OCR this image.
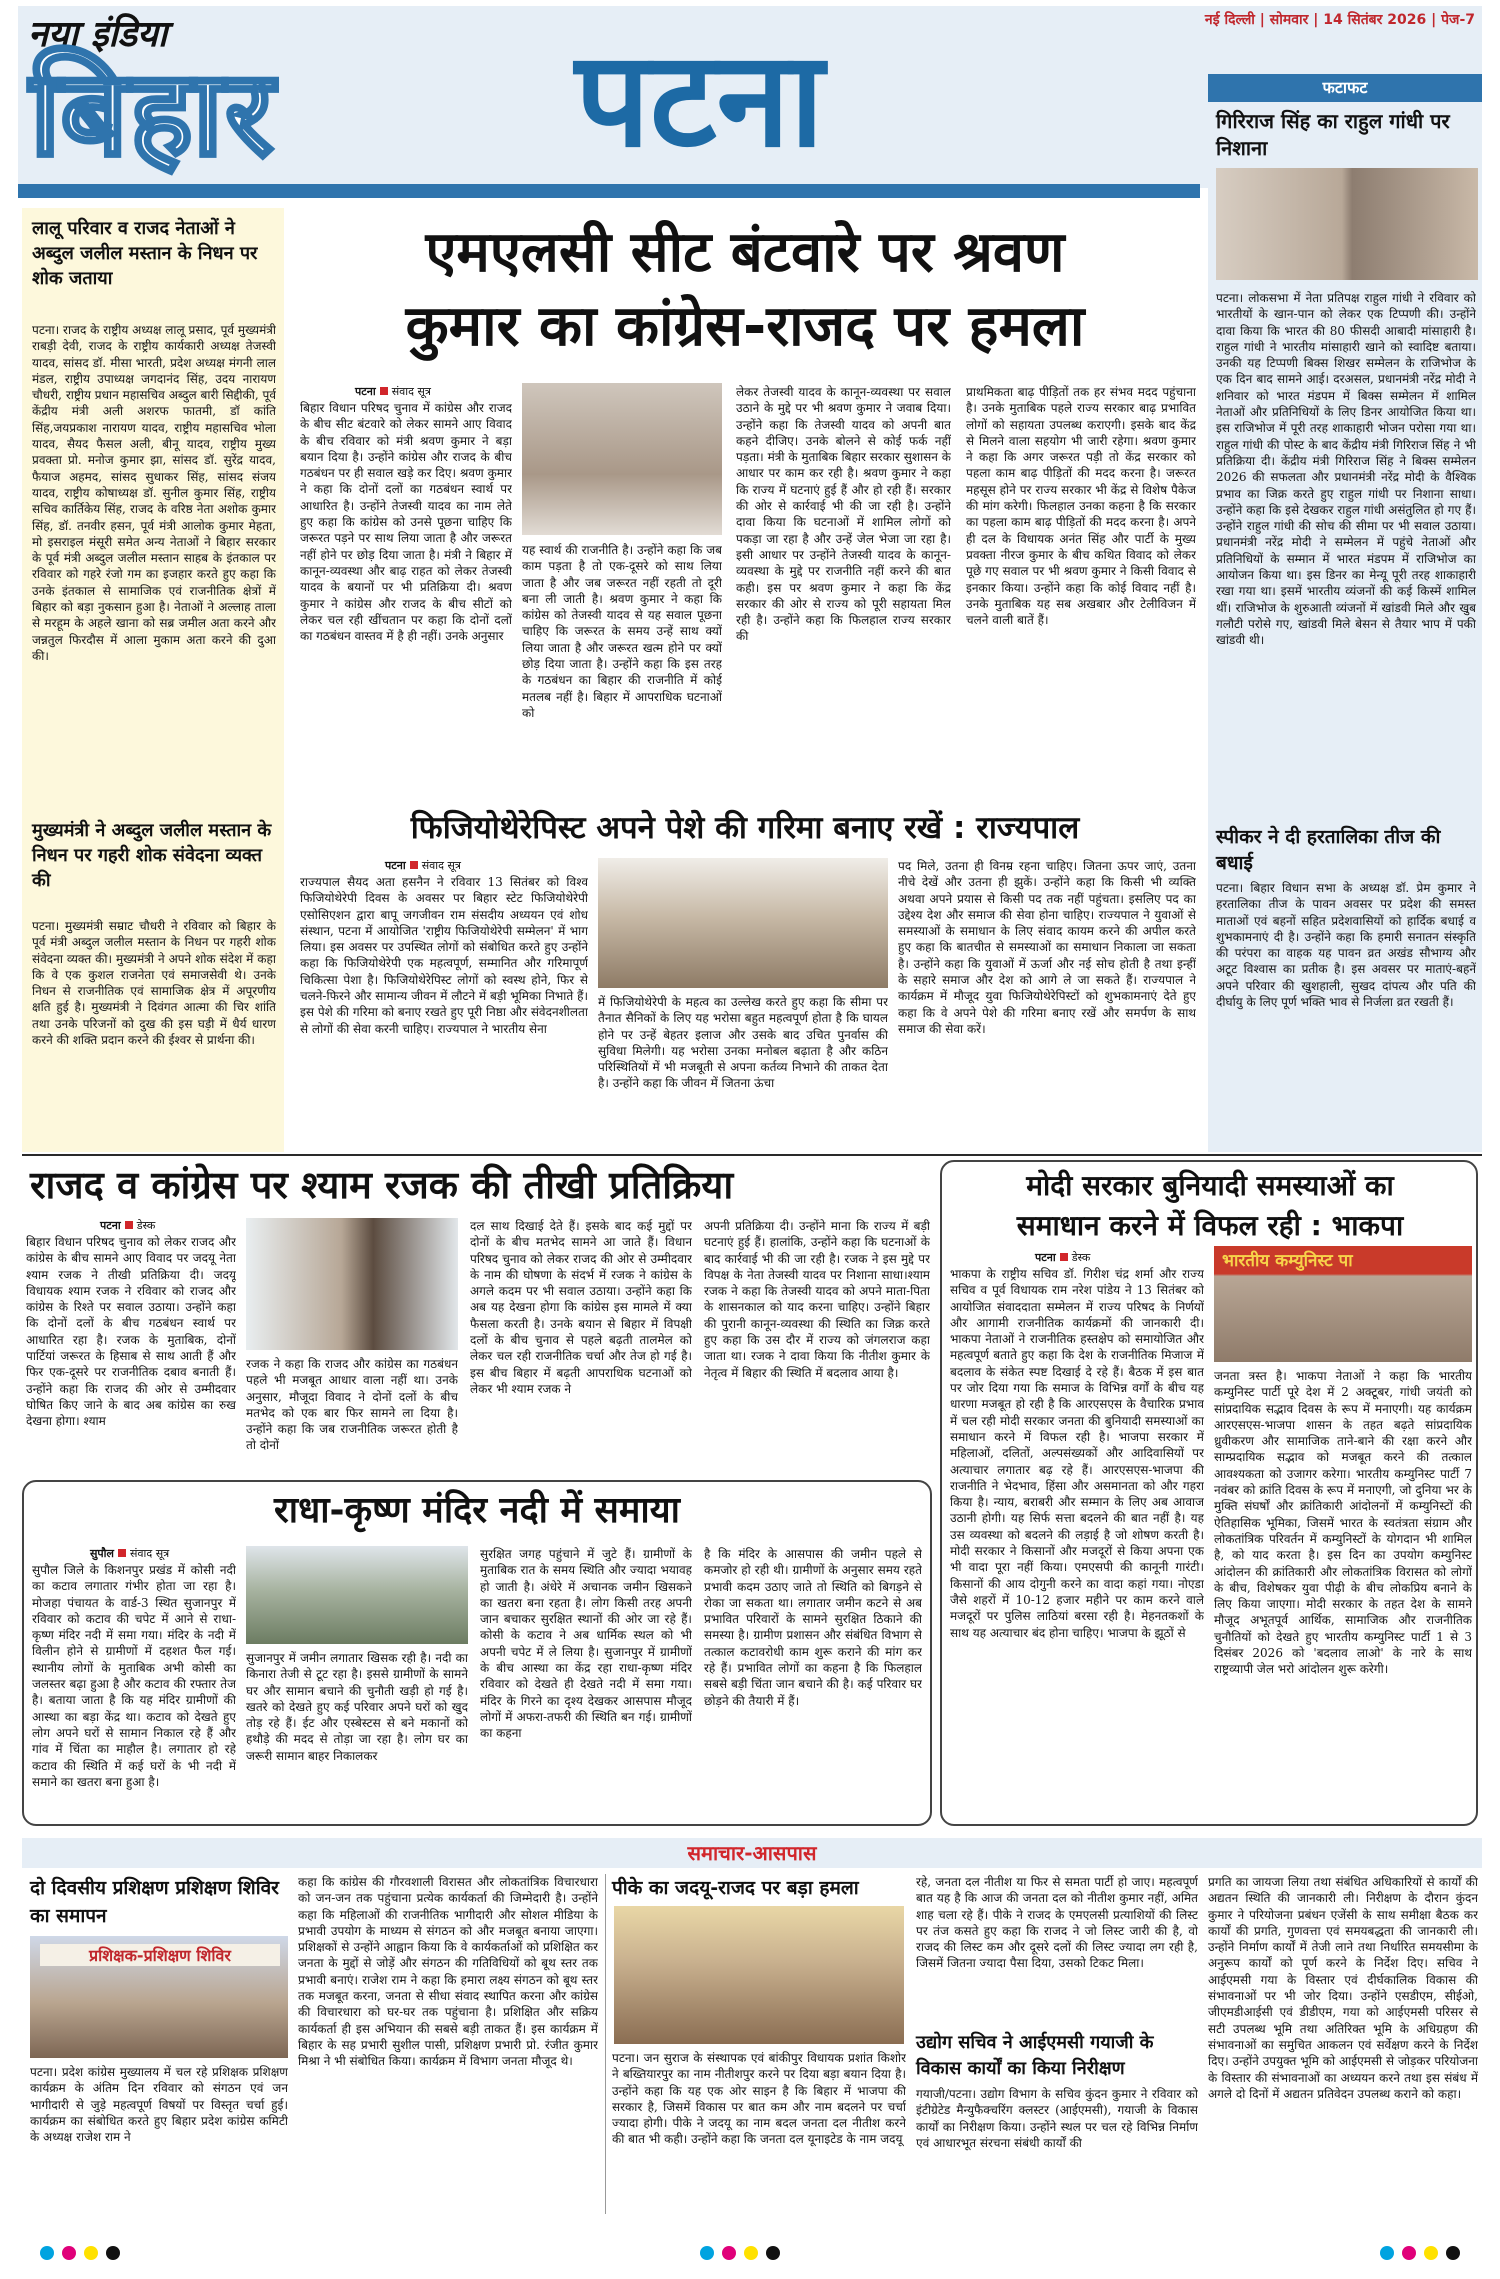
नया इंडिया
बिहार पटना
नई दिल्ली | सोमवार | 14 सितंबर 2026 | पेज-7
फटाफट
गिरिराज सिंह का राहुल गांधी पर निशाना
पटना। लोकसभा में नेता प्रतिपक्ष राहुल गांधी ने रविवार को भारतीयों के खान-पान को लेकर एक टिप्पणी की। उन्होंने दावा किया कि भारत की 80 फीसदी आबादी मांसाहारी है। राहुल गांधी ने भारतीय मांसाहारी खाने को स्वादिष्ट बताया। उनकी यह टिप्पणी बिक्स शिखर सम्मेलन के राजिभोज के एक दिन बाद सामने आई। दरअसल, प्रधानमंत्री नरेंद्र मोदी ने शनिवार को भारत मंडपम में बिक्स सम्मेलन में शामिल नेताओं और प्रतिनिधियों के लिए डिनर आयोजित किया था। इस राजिभोज में पूरी तरह शाकाहारी भोजन परोसा गया था। राहुल गांधी की पोस्ट के बाद केंद्रीय मंत्री गिरिराज सिंह ने भी प्रतिक्रिया दी। केंद्रीय मंत्री गिरिराज सिंह ने बिक्स सम्मेलन 2026 की सफलता और प्रधानमंत्री नरेंद्र मोदी के वैश्विक प्रभाव का जिक्र करते हुए राहुल गांधी पर निशाना साधा। उन्होंने कहा कि इसे देखकर राहुल गांधी असंतुलित हो गए हैं। उन्होंने राहुल गांधी की सोच की सीमा पर भी सवाल उठाया। प्रधानमंत्री नरेंद्र मोदी ने सम्मेलन में पहुंचे नेताओं और प्रतिनिधियों के सम्मान में भारत मंडपम में राजिभोज का आयोजन किया था। इस डिनर का मेन्यू पूरी तरह शाकाहारी रखा गया था। इसमें भारतीय व्यंजनों की कई किस्में शामिल थीं। राजिभोज के शुरुआती व्यंजनों में खांडवी मिले और खुब गलौटी परोसे गए, खांडवी मिले बेसन से तैयार भाप में पकी खांडवी थी।
स्पीकर ने दी हरतालिका तीज की बधाई
पटना। बिहार विधान सभा के अध्यक्ष डॉ. प्रेम कुमार ने हरतालिका तीज के पावन अवसर पर प्रदेश की समस्त माताओं एवं बहनों सहित प्रदेशवासियों को हार्दिक बधाई व शुभकामनाएं दी है। उन्होंने कहा कि हमारी सनातन संस्कृति की परंपरा का वाहक यह पावन व्रत अखंड सौभाग्य और अटूट विश्वास का प्रतीक है। इस अवसर पर माताएं-बहनें अपने परिवार की खुशहाली, सुखद दांपत्य और पति की दीर्घायु के लिए पूर्ण भक्ति भाव से निर्जला व्रत रखती हैं।
लालू परिवार व राजद नेताओं ने अब्दुल जलील मस्तान के निधन पर शोक जताया
पटना। राजद के राष्ट्रीय अध्यक्ष लालू प्रसाद, पूर्व मुख्यमंत्री राबड़ी देवी, राजद के राष्ट्रीय कार्यकारी अध्यक्ष तेजस्वी यादव, सांसद डॉ. मीसा भारती, प्रदेश अध्यक्ष मंगनी लाल मंडल, राष्ट्रीय उपाध्यक्ष जगदानंद सिंह, उदय नारायण चौधरी, राष्ट्रीय प्रधान महासचिव अब्दुल बारी सिद्दीकी, पूर्व केंद्रीय मंत्री अली अशरफ फातमी, डॉ कांति सिंह,जयप्रकाश नारायण यादव, राष्ट्रीय महासचिव भोला यादव, सैयद फैसल अली, बीनू यादव, राष्ट्रीय मुख्य प्रवक्ता प्रो. मनोज कुमार झा, सांसद डॉ. सुरेंद्र यादव, फैयाज अहमद, सांसद सुधाकर सिंह, सांसद संजय यादव, राष्ट्रीय कोषाध्यक्ष डॉ. सुनील कुमार सिंह, राष्ट्रीय सचिव कार्तिकेय सिंह, राजद के वरिष्ठ नेता अशोक कुमार सिंह, डॉ. तनवीर हसन, पूर्व मंत्री आलोक कुमार मेहता, मो इसराइल मंसूरी समेत अन्य नेताओं ने बिहार सरकार के पूर्व मंत्री अब्दुल जलील मस्तान साहब के इंतकाल पर रविवार को गहरे रंजो गम का इजहार करते हुए कहा कि उनके इंतकाल से सामाजिक एवं राजनीतिक क्षेत्रों में बिहार को बड़ा नुकसान हुआ है। नेताओं ने अल्लाह ताला से मरहूम के अहले खाना को सब्र जमील अता करने और जन्नतुल फिरदौस में आला मुकाम अता करने की दुआ की।
मुख्यमंत्री ने अब्दुल जलील मस्तान के निधन पर गहरी शोक संवेदना व्यक्त की
पटना। मुख्यमंत्री सम्राट चौधरी ने रविवार को बिहार के पूर्व मंत्री अब्दुल जलील मस्तान के निधन पर गहरी शोक संवेदना व्यक्त की। मुख्यमंत्री ने अपने शोक संदेश में कहा कि वे एक कुशल राजनेता एवं समाजसेवी थे। उनके निधन से राजनीतिक एवं सामाजिक क्षेत्र में अपूरणीय क्षति हुई है। मुख्यमंत्री ने दिवंगत आत्मा की चिर शांति तथा उनके परिजनों को दुख की इस घड़ी में धैर्य धारण करने की शक्ति प्रदान करने की ईश्वर से प्रार्थना की।
एमएलसी सीट बंटवारे पर श्रवण
कुमार का कांग्रेस-राजद पर हमला
पटना संवाद सूत्र
बिहार विधान परिषद चुनाव में कांग्रेस और राजद के बीच सीट बंटवारे को लेकर सामने आए विवाद के बीच रविवार को मंत्री श्रवण कुमार ने बड़ा बयान दिया है। उन्होंने कांग्रेस और राजद के बीच गठबंधन पर ही सवाल खड़े कर दिए। श्रवण कुमार ने कहा कि दोनों दलों का गठबंधन स्वार्थ पर आधारित है। उन्होंने तेजस्वी यादव का नाम लेते हुए कहा कि कांग्रेस को उनसे पूछना चाहिए कि जरूरत पड़ने पर साथ लिया जाता है और जरूरत नहीं होने पर छोड़ दिया जाता है। मंत्री ने बिहार में कानून-व्यवस्था और बाढ़ राहत को लेकर तेजस्वी यादव के बयानों पर भी प्रतिक्रिया दी। श्रवण कुमार ने कांग्रेस और राजद के बीच सीटों को लेकर चल रही खींचतान पर कहा कि दोनों दलों का गठबंधन वास्तव में है ही नहीं। उनके अनुसार
यह स्वार्थ की राजनीति है। उन्होंने कहा कि जब काम पड़ता है तो एक-दूसरे को साथ लिया जाता है और जब जरूरत नहीं रहती तो दूरी बना ली जाती है। श्रवण कुमार ने कहा कि कांग्रेस को तेजस्वी यादव से यह सवाल पूछना चाहिए कि जरूरत के समय उन्हें साथ क्यों लिया जाता है और जरूरत खत्म होने पर क्यों छोड़ दिया जाता है। उन्होंने कहा कि इस तरह के गठबंधन का बिहार की राजनीति में कोई मतलब नहीं है। बिहार में आपराधिक घटनाओं को
लेकर तेजस्वी यादव के कानून-व्यवस्था पर सवाल उठाने के मुद्दे पर भी श्रवण कुमार ने जवाब दिया। उन्होंने कहा कि तेजस्वी यादव को अपनी बात कहने दीजिए। उनके बोलने से कोई फर्क नहीं पड़ता। मंत्री के मुताबिक बिहार सरकार सुशासन के आधार पर काम कर रही है। श्रवण कुमार ने कहा कि राज्य में घटनाएं हुई हैं और हो रही हैं। सरकार की ओर से कार्रवाई भी की जा रही है। उन्होंने दावा किया कि घटनाओं में शामिल लोगों को पकड़ा जा रहा है और उन्हें जेल भेजा जा रहा है। इसी आधार पर उन्होंने तेजस्वी यादव के कानून-व्यवस्था के मुद्दे पर राजनीति नहीं करने की बात कही। इस पर श्रवण कुमार ने कहा कि केंद्र सरकार की ओर से राज्य को पूरी सहायता मिल रही है। उन्होंने कहा कि फिलहाल राज्य सरकार की
प्राथमिकता बाढ़ पीड़ितों तक हर संभव मदद पहुंचाना है। उनके मुताबिक पहले राज्य सरकार बाढ़ प्रभावित लोगों को सहायता उपलब्ध कराएगी। इसके बाद केंद्र से मिलने वाला सहयोग भी जारी रहेगा। श्रवण कुमार ने कहा कि अगर जरूरत पड़ी तो केंद्र सरकार को पहला काम बाढ़ पीड़ितों की मदद करना है। जरूरत महसूस होने पर राज्य सरकार भी केंद्र से विशेष पैकेज की मांग करेगी। फिलहाल उनका कहना है कि सरकार का पहला काम बाढ़ पीड़ितों की मदद करना है। अपने ही दल के विधायक अनंत सिंह और पार्टी के मुख्य प्रवक्ता नीरज कुमार के बीच कथित विवाद को लेकर पूछे गए सवाल पर भी श्रवण कुमार ने किसी विवाद से इनकार किया। उन्होंने कहा कि कोई विवाद नहीं है। उनके मुताबिक यह सब अखबार और टेलीविजन में चलने वाली बातें हैं।
फिजियोथेरेपिस्ट अपने पेशे की गरिमा बनाए रखें : राज्यपाल
पटना संवाद सूत्र
राज्यपाल सैयद अता हसनैन ने रविवार 13 सितंबर को विश्व फिजियोथेरेपी दिवस के अवसर पर बिहार स्टेट फिजियोथेरेपी एसोसिएशन द्वारा बापू जगजीवन राम संसदीय अध्ययन एवं शोध संस्थान, पटना में आयोजित 'राष्ट्रीय फिजियोथेरेपी सम्मेलन' में भाग लिया। इस अवसर पर उपस्थित लोगों को संबोधित करते हुए उन्होंने कहा कि फिजियोथेरेपी एक महत्वपूर्ण, सम्मानित और गरिमापूर्ण चिकित्सा पेशा है। फिजियोथेरेपिस्ट लोगों को स्वस्थ होने, फिर से चलने-फिरने और सामान्य जीवन में लौटने में बड़ी भूमिका निभाते हैं। इस पेशे की गरिमा को बनाए रखते हुए पूरी निष्ठा और संवेदनशीलता से लोगों की सेवा करनी चाहिए। राज्यपाल ने भारतीय सेना
में फिजियोथेरेपी के महत्व का उल्लेख करते हुए कहा कि सीमा पर तैनात सैनिकों के लिए यह भरोसा बहुत महत्वपूर्ण होता है कि घायल होने पर उन्हें बेहतर इलाज और उसके बाद उचित पुनर्वास की सुविधा मिलेगी। यह भरोसा उनका मनोबल बढ़ाता है और कठिन परिस्थितियों में भी मजबूती से अपना कर्तव्य निभाने की ताकत देता है। उन्होंने कहा कि जीवन में जितना ऊंचा
पद मिले, उतना ही विनम्र रहना चाहिए। जितना ऊपर जाएं, उतना नीचे देखें और उतना ही झुकें। उन्होंने कहा कि किसी भी व्यक्ति अथवा अपने प्रयास से किसी पद तक नहीं पहुंचता। इसलिए पद का उद्देश्य देश और समाज की सेवा होना चाहिए। राज्यपाल ने युवाओं से समस्याओं के समाधान के लिए संवाद कायम करने की अपील करते हुए कहा कि बातचीत से समस्याओं का समाधान निकाला जा सकता है। उन्होंने कहा कि युवाओं में ऊर्जा और नई सोच होती है तथा इन्हीं के सहारे समाज और देश को आगे ले जा सकते हैं। राज्यपाल ने कार्यक्रम में मौजूद युवा फिजियोथेरेपिस्टों को शुभकामनाएं देते हुए कहा कि वे अपने पेशे की गरिमा बनाए रखें और समर्पण के साथ समाज की सेवा करें।
राजद व कांग्रेस पर श्याम रजक की तीखी प्रतिक्रिया
पटना डेस्क
बिहार विधान परिषद चुनाव को लेकर राजद और कांग्रेस के बीच सामने आए विवाद पर जदयू नेता श्याम रजक ने तीखी प्रतिक्रिया दी। जदयू विधायक श्याम रजक ने रविवार को राजद और कांग्रेस के रिश्ते पर सवाल उठाया। उन्होंने कहा कि दोनों दलों के बीच गठबंधन स्वार्थ पर आधारित रहा है। रजक के मुताबिक, दोनों पार्टियां जरूरत के हिसाब से साथ आती हैं और फिर एक-दूसरे पर राजनीतिक दबाव बनाती हैं। उन्होंने कहा कि राजद की ओर से उम्मीदवार घोषित किए जाने के बाद अब कांग्रेस का रुख देखना होगा। श्याम
रजक ने कहा कि राजद और कांग्रेस का गठबंधन पहले भी मजबूत आधार वाला नहीं था। उनके अनुसार, मौजूदा विवाद ने दोनों दलों के बीच मतभेद को एक बार फिर सामने ला दिया है। उन्होंने कहा कि जब राजनीतिक जरूरत होती है तो दोनों
दल साथ दिखाई देते हैं। इसके बाद कई मुद्दों पर दोनों के बीच मतभेद सामने आ जाते हैं। विधान परिषद चुनाव को लेकर राजद की ओर से उम्मीदवार के नाम की घोषणा के संदर्भ में रजक ने कांग्रेस के अगले कदम पर भी सवाल उठाया। उन्होंने कहा कि अब यह देखना होगा कि कांग्रेस इस मामले में क्या फैसला करती है। उनके बयान से बिहार में विपक्षी दलों के बीच चुनाव से पहले बढ़ती तालमेल को लेकर चल रही राजनीतिक चर्चा और तेज हो गई है। इस बीच बिहार में बढ़ती आपराधिक घटनाओं को लेकर भी श्याम रजक ने
अपनी प्रतिक्रिया दी। उन्होंने माना कि राज्य में बड़ी घटनाएं हुई हैं। हालांकि, उन्होंने कहा कि घटनाओं के बाद कार्रवाई भी की जा रही है। रजक ने इस मुद्दे पर विपक्ष के नेता तेजस्वी यादव पर निशाना साधा।श्याम रजक ने कहा कि तेजस्वी यादव को अपने माता-पिता के शासनकाल को याद करना चाहिए। उन्होंने बिहार की पुरानी कानून-व्यवस्था की स्थिति का जिक्र करते हुए कहा कि उस दौर में राज्य को जंगलराज कहा जाता था। रजक ने दावा किया कि नीतीश कुमार के नेतृत्व में बिहार की स्थिति में बदलाव आया है।
मोदी सरकार बुनियादी समस्याओं का
समाधान करने में विफल रही : भाकपा
पटना डेस्क
भाकपा के राष्ट्रीय सचिव डॉ. गिरीश चंद्र शर्मा और राज्य सचिव व पूर्व विधायक राम नरेश पांडेय ने 13 सितंबर को आयोजित संवाददाता सम्मेलन में राज्य परिषद के निर्णयों और आगामी राजनीतिक कार्यक्रमों की जानकारी दी। भाकपा नेताओं ने राजनीतिक हस्तक्षेप को समायोजित और महत्वपूर्ण बताते हुए कहा कि देश के राजनीतिक मिजाज में बदलाव के संकेत स्पष्ट दिखाई दे रहे हैं। बैठक में इस बात पर जोर दिया गया कि समाज के विभिन्न वर्गों के बीच यह धारणा मजबूत हो रही है कि आरएसएस के वैचारिक प्रभाव में चल रही मोदी सरकार जनता की बुनियादी समस्याओं का समाधान करने में विफल रही है। भाजपा सरकार में महिलाओं, दलितों, अल्पसंख्यकों और आदिवासियों पर अत्याचार लगातार बढ़ रहे हैं। आरएसएस-भाजपा की राजनीति ने भेदभाव, हिंसा और असमानता को और गहरा किया है। न्याय, बराबरी और सम्मान के लिए अब आवाज उठानी होगी। यह सिर्फ सत्ता बदलने की बात नहीं है। यह उस व्यवस्था को बदलने की लड़ाई है जो शोषण करती है। मोदी सरकार ने किसानों और मजदूरों से किया अपना एक भी वादा पूरा नहीं किया। एमएसपी की कानूनी गारंटी। किसानों की आय दोगुनी करने का वादा कहां गया। नोएडा जैसे शहरों में 10-12 हजार महीने पर काम करने वाले मजदूरों पर पुलिस लाठियां बरसा रही है। मेहनतकशों के साथ यह अत्याचार बंद होना चाहिए। भाजपा के झूठों से
भारतीय कम्युनिस्ट पा
जनता त्रस्त है। भाकपा नेताओं ने कहा कि भारतीय कम्युनिस्ट पार्टी पूरे देश में 2 अक्टूबर, गांधी जयंती को सांप्रदायिक सद्भाव दिवस के रूप में मनाएगी। यह कार्यक्रम आरएसएस-भाजपा शासन के तहत बढ़ते सांप्रदायिक ध्रुवीकरण और सामाजिक ताने-बाने की रक्षा करने और साम्प्रदायिक सद्भाव को मजबूत करने की तत्काल आवश्यकता को उजागर करेगा। भारतीय कम्युनिस्ट पार्टी 7 नवंबर को क्रांति दिवस के रूप में मनाएगी, जो दुनिया भर के मुक्ति संघर्षों और क्रांतिकारी आंदोलनों में कम्युनिस्टों की ऐतिहासिक भूमिका, जिसमें भारत के स्वतंत्रता संग्राम और लोकतांत्रिक परिवर्तन में कम्युनिस्टों के योगदान भी शामिल है, को याद करता है। इस दिन का उपयोग कम्युनिस्ट आंदोलन की क्रांतिकारी और लोकतांत्रिक विरासत को लोगों के बीच, विशेषकर युवा पीढ़ी के बीच लोकप्रिय बनाने के लिए किया जाएगा। मोदी सरकार के तहत देश के सामने मौजूद अभूतपूर्व आर्थिक, सामाजिक और राजनीतिक चुनौतियों को देखते हुए भारतीय कम्युनिस्ट पार्टी 1 से 3 दिसंबर 2026 को 'बदलाव लाओ' के नारे के साथ राष्ट्रव्यापी जेल भरो आंदोलन शुरू करेगी।
राधा-कृष्ण मंदिर नदी में समाया
सुपौल संवाद सूत्र
सुपौल जिले के किशनपुर प्रखंड में कोसी नदी का कटाव लगातार गंभीर होता जा रहा है। मोजहा पंचायत के वार्ड-3 स्थित सुजानपुर में रविवार को कटाव की चपेट में आने से राधा-कृष्ण मंदिर नदी में समा गया। मंदिर के नदी में विलीन होने से ग्रामीणों में दहशत फैल गई। स्थानीय लोगों के मुताबिक अभी कोसी का जलस्तर बढ़ा हुआ है और कटाव की रफ्तार तेज है। बताया जाता है कि यह मंदिर ग्रामीणों की आस्था का बड़ा केंद्र था। कटाव को देखते हुए लोग अपने घरों से सामान निकाल रहे हैं और गांव में चिंता का माहौल है। लगातार हो रहे कटाव की स्थिति में कई घरों के भी नदी में समाने का खतरा बना हुआ है।
सुजानपुर में जमीन लगातार खिसक रही है। नदी का किनारा तेजी से टूट रहा है। इससे ग्रामीणों के सामने घर और सामान बचाने की चुनौती खड़ी हो गई है। खतरे को देखते हुए कई परिवार अपने घरों को खुद तोड़ रहे हैं। ईट और एस्बेस्टस से बने मकानों को हथौड़े की मदद से तोड़ा जा रहा है। लोग घर का जरूरी सामान बाहर निकालकर
सुरक्षित जगह पहुंचाने में जुटे हैं। ग्रामीणों के मुताबिक रात के समय स्थिति और ज्यादा भयावह हो जाती है। अंधेरे में अचानक जमीन खिसकने का खतरा बना रहता है। लोग किसी तरह अपनी जान बचाकर सुरक्षित स्थानों की ओर जा रहे हैं। कोसी के कटाव ने अब धार्मिक स्थल को भी अपनी चपेट में ले लिया है। सुजानपुर में ग्रामीणों के बीच आस्था का केंद्र रहा राधा-कृष्ण मंदिर रविवार को देखते ही देखते नदी में समा गया। मंदिर के गिरने का दृश्य देखकर आसपास मौजूद लोगों में अफरा-तफरी की स्थिति बन गई। ग्रामीणों का कहना
है कि मंदिर के आसपास की जमीन पहले से कमजोर हो रही थी। ग्रामीणों के अनुसार समय रहते प्रभावी कदम उठाए जाते तो स्थिति को बिगड़ने से रोका जा सकता था। लगातार जमीन कटने से अब प्रभावित परिवारों के सामने सुरक्षित ठिकाने की समस्या है। ग्रामीण प्रशासन और संबंधित विभाग से तत्काल कटावरोधी काम शुरू कराने की मांग कर रहे हैं। प्रभावित लोगों का कहना है कि फिलहाल सबसे बड़ी चिंता जान बचाने की है। कई परिवार घर छोड़ने की तैयारी में हैं।
समाचार-आसपास
दो दिवसीय प्रशिक्षण प्रशिक्षण शिविर का समापन
प्रशिक्षक-प्रशिक्षण शिविर
पटना। प्रदेश कांग्रेस मुख्यालय में चल रहे प्रशिक्षक प्रशिक्षण कार्यक्रम के अंतिम दिन रविवार को संगठन एवं जन भागीदारी से जुड़े महत्वपूर्ण विषयों पर विस्तृत चर्चा हुई। कार्यक्रम का संबोधित करते हुए बिहार प्रदेश कांग्रेस कमिटी के अध्यक्ष राजेश राम ने
कहा कि कांग्रेस की गौरवशाली विरासत और लोकतांत्रिक विचारधारा को जन-जन तक पहुंचाना प्रत्येक कार्यकर्ता की जिम्मेदारी है। उन्होंने कहा कि महिलाओं की राजनीतिक भागीदारी और सोशल मीडिया के प्रभावी उपयोग के माध्यम से संगठन को और मजबूत बनाया जाएगा। प्रशिक्षकों से उन्होंने आह्वान किया कि वे कार्यकर्ताओं को प्रशिक्षित कर जनता के मुद्दों से जोड़ें और संगठन की गतिविधियों को बूथ स्तर तक प्रभावी बनाएं। राजेश राम ने कहा कि हमारा लक्ष्य संगठन को बूथ स्तर तक मजबूत करना, जनता से सीधा संवाद स्थापित करना और कांग्रेस की विचारधारा को घर-घर तक पहुंचाना है। प्रशिक्षित और सक्रिय कार्यकर्ता ही इस अभियान की सबसे बड़ी ताकत हैं। इस कार्यक्रम में बिहार के सह प्रभारी सुशील पासी, प्रशिक्षण प्रभारी प्रो. रंजीत कुमार मिश्रा ने भी संबोधित किया। कार्यक्रम में विभाग जनता मौजूद थे।
पीके का जदयू-राजद पर बड़ा हमला
पटना। जन सुराज के संस्थापक एवं बांकीपुर विधायक प्रशांत किशोर ने बख्तियारपुर का नाम नीतीशपुर करने पर दिया बड़ा बयान दिया है। उन्होंने कहा कि यह एक ओर साइन है कि बिहार में भाजपा की सरकार है, जिसमें विकास पर बात कम और नाम बदलने पर चर्चा ज्यादा होगी। पीके ने जदयू का नाम बदल जनता दल नीतीश करने की बात भी कही। उन्होंने कहा कि जनता दल यूनाइटेड के नाम जदयू
रहे, जनता दल नीतीश या फिर से समता पार्टी हो जाए। महत्वपूर्ण बात यह है कि आज की जनता दल को नीतीश कुमार नहीं, अमित शाह चला रहे हैं। पीके ने राजद के एमएलसी प्रत्याशियों की लिस्ट पर तंज कसते हुए कहा कि राजद ने जो लिस्ट जारी की है, वो राजद की लिस्ट कम और दूसरे दलों की लिस्ट ज्यादा लग रही है, जिसमें जितना ज्यादा पैसा दिया, उसको टिकट मिला।
उद्योग सचिव ने आईएमसी गयाजी के विकास कार्यों का किया निरीक्षण
गयाजी/पटना। उद्योग विभाग के सचिव कुंदन कुमार ने रविवार को इंटीग्रेटेड मैन्युफैक्चरिंग क्लस्टर (आईएमसी), गयाजी के विकास कार्यों का निरीक्षण किया। उन्होंने स्थल पर चल रहे विभिन्न निर्माण एवं आधारभूत संरचना संबंधी कार्यों की
प्रगति का जायजा लिया तथा संबंधित अधिकारियों से कार्यों की अद्यतन स्थिति की जानकारी ली। निरीक्षण के दौरान कुंदन कुमार ने परियोजना प्रबंधन एजेंसी के साथ समीक्षा बैठक कर कार्यों की प्रगति, गुणवत्ता एवं समयबद्धता की जानकारी ली। उन्होंने निर्माण कार्यों में तेजी लाने तथा निर्धारित समयसीमा के अनुरूप कार्यों को पूर्ण करने के निर्देश दिए। सचिव ने आईएमसी गया के विस्तार एवं दीर्घकालिक विकास की संभावनाओं पर भी जोर दिया। उन्होंने एसडीएम, सीईओ, जीएमडीआईसी एवं डीडीएम, गया को आईएमसी परिसर से सटी उपलब्ध भूमि तथा अतिरिक्त भूमि के अधिग्रहण की संभावनाओं का समुचित आकलन एवं सर्वेक्षण करने के निर्देश दिए। उन्होंने उपयुक्त भूमि को आईएमसी से जोड़कर परियोजना के विस्तार की संभावनाओं का अध्ययन करने तथा इस संबंध में अगले दो दिनों में अद्यतन प्रतिवेदन उपलब्ध कराने को कहा।
